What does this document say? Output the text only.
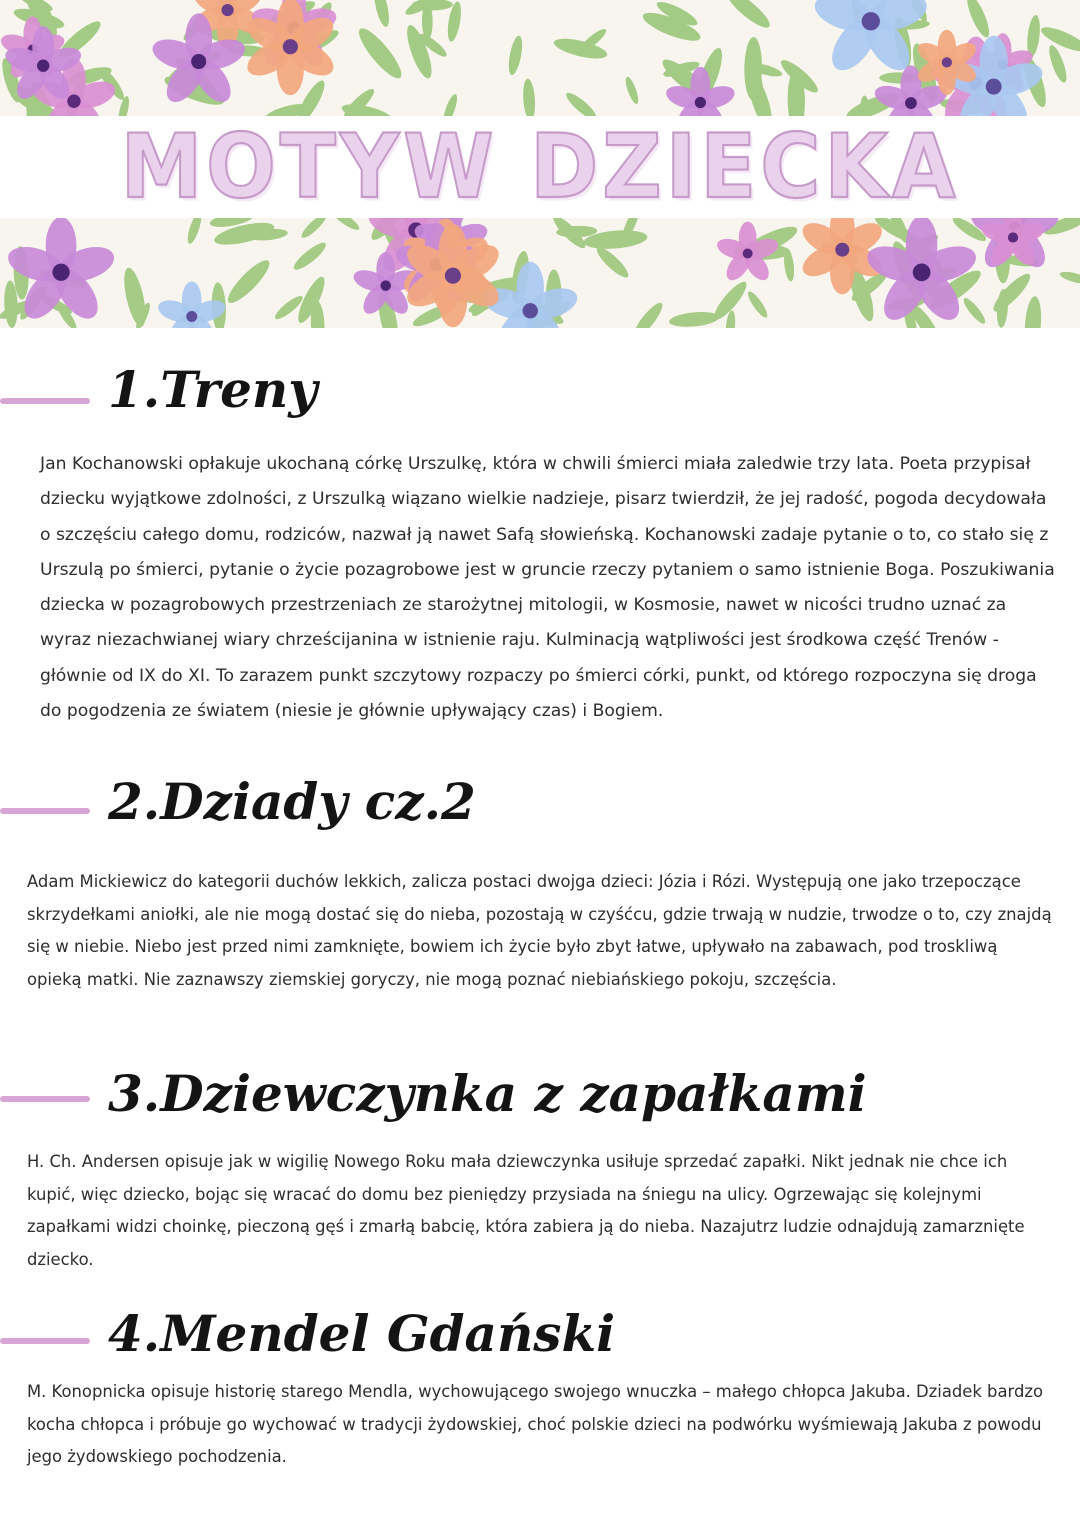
MOTYW DZIECKA
1.Treny

Jan Kochanowski opłakuje ukochaną córkę Urszulkę, która w chwili śmierci miała zaledwie trzy lata. Poeta przypisał dziecku wyjątkowe zdolności, z Urszulką wiązano wielkie nadzieje, pisarz twierdził, że jej radość, pogoda decydowała o szczęściu całego domu, rodziców, nazwał ją nawet Safą słowieńską. Kochanowski zadaje pytanie o to, co stało się z Urszulą po śmierci, pytanie o życie pozagrobowe jest w gruncie rzeczy pytaniem o samo istnienie Boga. Poszukiwania dziecka w pozagrobowych przestrzeniach ze starożytnej mitologii, w Kosmosie, nawet w nicości trudno uznać za wyraz niezachwianej wiary chrześcijanina w istnienie raju. Kulminacją wątpliwości jest środkowa część Trenów - głównie od IX do XI. To zarazem punkt szczytowy rozpaczy po śmierci córki, punkt, od którego rozpoczyna się droga do pogodzenia ze światem (niesie je głównie upływający czas) i Bogiem.

2.Dziady cz.2

Adam Mickiewicz do kategorii duchów lekkich, zalicza postaci dwojga dzieci: Józia i Rózi. Występują one jako trzepoczące skrzydełkami aniołki, ale nie mogą dostać się do nieba, pozostają w czyśćcu, gdzie trwają w nudzie, trwodze o to, czy znajdą się w niebie. Niebo jest przed nimi zamknięte, bowiem ich życie było zbyt łatwe, upływało na zabawach, pod troskliwą opieką matki. Nie zaznawszy ziemskiej goryczy, nie mogą poznać niebiańskiego pokoju, szczęścia.

3.Dziewczynka z zapałkami

H. Ch. Andersen opisuje jak w wigilię Nowego Roku mała dziewczynka usiłuje sprzedać zapałki. Nikt jednak nie chce ich kupić, więc dziecko, bojąc się wracać do domu bez pieniędzy przysiada na śniegu na ulicy. Ogrzewając się kolejnymi zapałkami widzi choinkę, pieczoną gęś i zmarłą babcię, która zabiera ją do nieba. Nazajutrz ludzie odnajdują zamarznięte dziecko.

4.Mendel Gdański

M. Konopnicka opisuje historię starego Mendla, wychowującego swojego wnuczka – małego chłopca Jakuba. Dziadek bardzo kocha chłopca i próbuje go wychować w tradycji żydowskiej, choć polskie dzieci na podwórku wyśmiewają Jakuba z powodu jego żydowskiego pochodzenia.
